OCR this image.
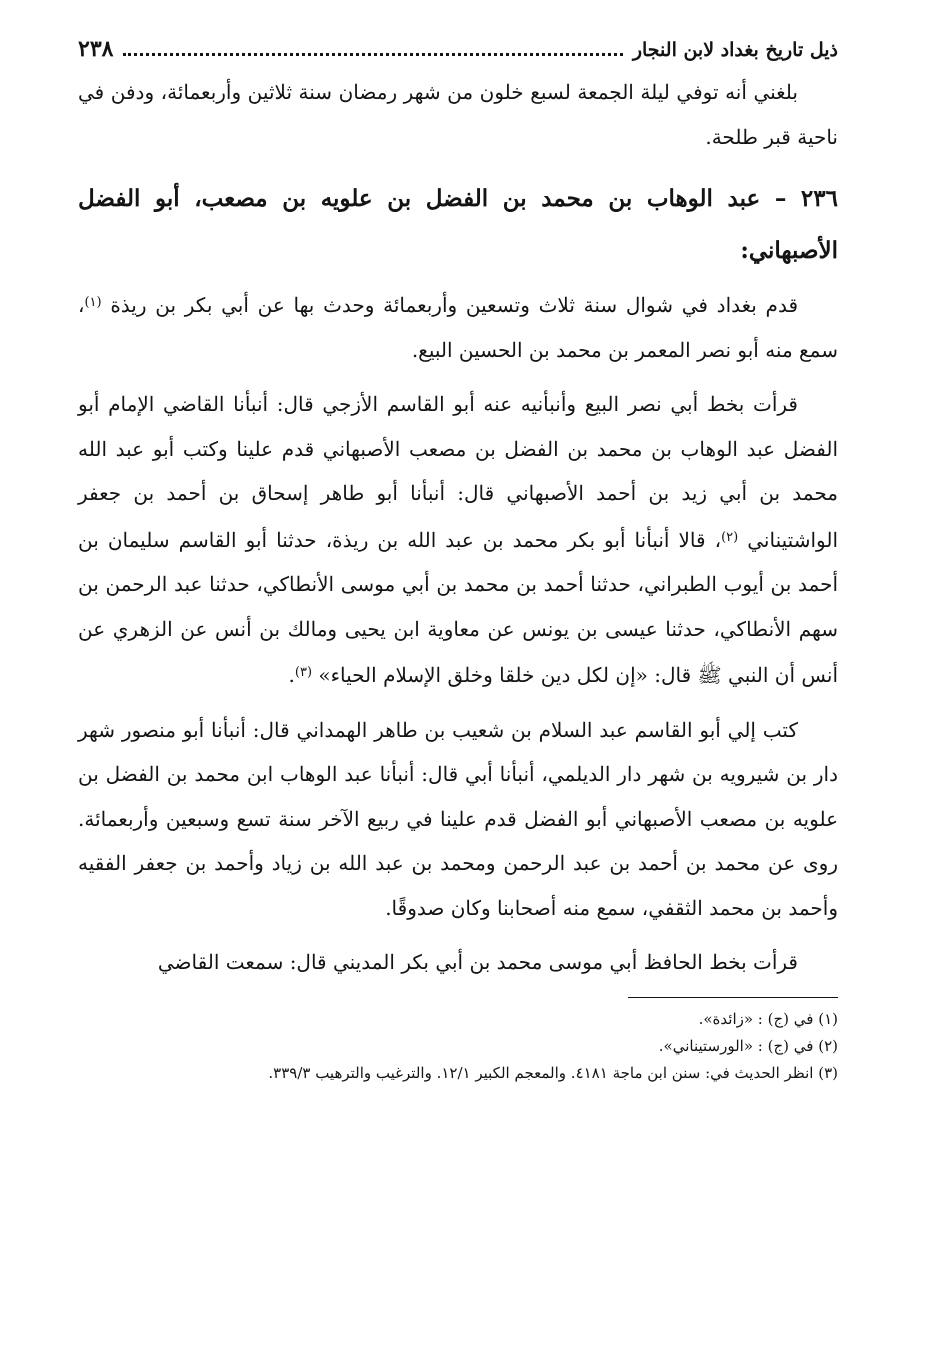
٢٣٨	ذيل تاريخ بغداد لابن النجار

بلغني أنه توفي ليلة الجمعة لسبع خلون من شهر رمضان سنة ثلاثين وأربعمائة، ودفن في ناحية قبر طلحة.

٢٣٦ – عبد الوهاب بن محمد بن الفضل بن علويه بن مصعب، أبو الفضل الأصبهاني:

قدم بغداد في شوال سنة ثلاث وتسعين وأربعمائة وحدث بها عن أبي بكر بن ريذة $^{(١)}$، سمع منه أبو نصر المعمر بن محمد بن الحسين البيع.

قرأت بخط أبي نصر البيع وأنبأنيه عنه أبو القاسم الأزجي قال: أنبأنا القاضي الإمام أبو الفضل عبد الوهاب بن محمد بن الفضل بن مصعب الأصبهاني قدم علينا وكتب أبو عبد الله محمد بن أبي زيد بن أحمد الأصبهاني قال: أنبأنا أبو طاهر إسحاق بن أحمد بن جعفر الواشتيناني $^{(٢)}$، قالا أنبأنا أبو بكر محمد بن عبد الله بن ريذة، حدثنا أبو القاسم سليمان بن أحمد بن أيوب الطبراني، حدثنا أحمد بن محمد بن أبي موسى الأنطاكي، حدثنا عبد الرحمن بن سهم الأنطاكي، حدثنا عيسى بن يونس عن معاوية ابن يحيى ومالك بن أنس عن الزهري عن أنس أن النبي ﷺ قال: «إن لكل دين خلقا وخلق الإسلام الحياء» $^{(٣)}$.

كتب إلي أبو القاسم عبد السلام بن شعيب بن طاهر الهمداني قال: أنبأنا أبو منصور شهر دار بن شيرويه بن شهر دار الديلمي، أنبأنا أبي قال: أنبأنا عبد الوهاب ابن محمد بن الفضل بن علويه بن مصعب الأصبهاني أبو الفضل قدم علينا في ربيع الآخر سنة تسع وسبعين وأربعمائة. روى عن محمد بن أحمد بن عبد الرحمن ومحمد بن عبد الله بن زياد وأحمد بن جعفر الفقيه وأحمد بن محمد الثقفي، سمع منه أصحابنا وكان صدوقًا.

قرأت بخط الحافظ أبي موسى محمد بن أبي بكر المديني قال: سمعت القاضي

(١) في (ج) : «زائدة».
(٢) في (ج) : «الورستيناني».
(٣) انظر الحديث في: سنن ابن ماجة ٤١٨١. والمعجم الكبير ١٢/١. والترغيب والترهيب ٣٣٩/٣.
